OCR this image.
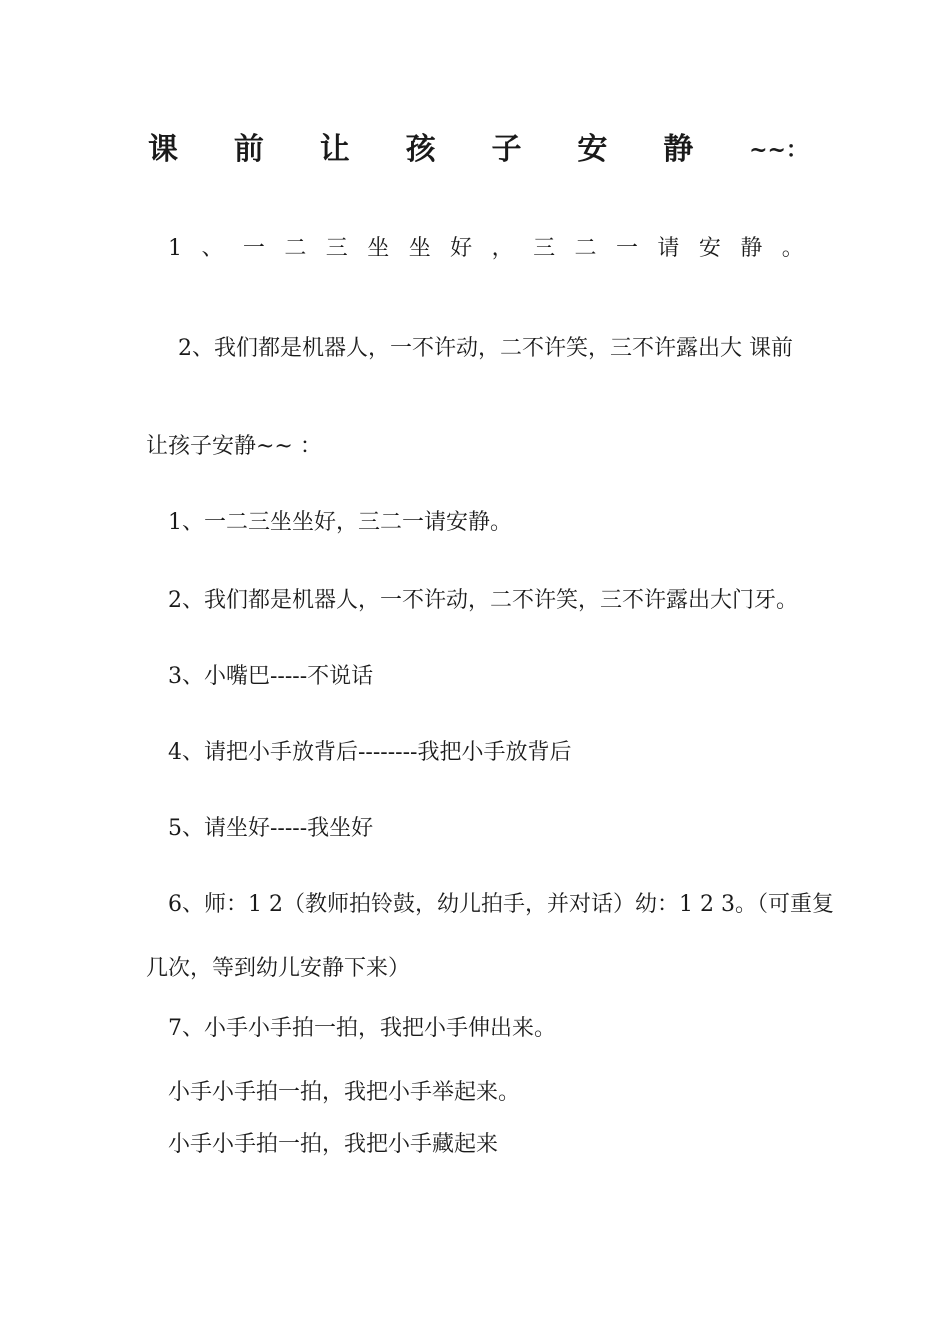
课 前 让 孩 子 安 静	~~：
1 、 一 二 三 坐 坐 好 ， 三 二 一 请 安 静 。
2、我们都是机器人，一不许动，二不许笑，三不许露出大 课前
让孩子安静~~ ：
1、一二三坐坐好，三二一请安静。
2、我们都是机器人，一不许动，二不许笑，三不许露出大门牙。
3、小嘴巴-----不说话
4、请把小手放背后--------我把小手放背后
5、请坐好-----我坐好
6、师：1 2（教师拍铃鼓，幼儿拍手，并对话）幼：1 2 3。（可重复
几次，等到幼儿安静下来）
7、小手小手拍一拍，我把小手伸出来。
小手小手拍一拍，我把小手举起来。
小手小手拍一拍，我把小手藏起来
